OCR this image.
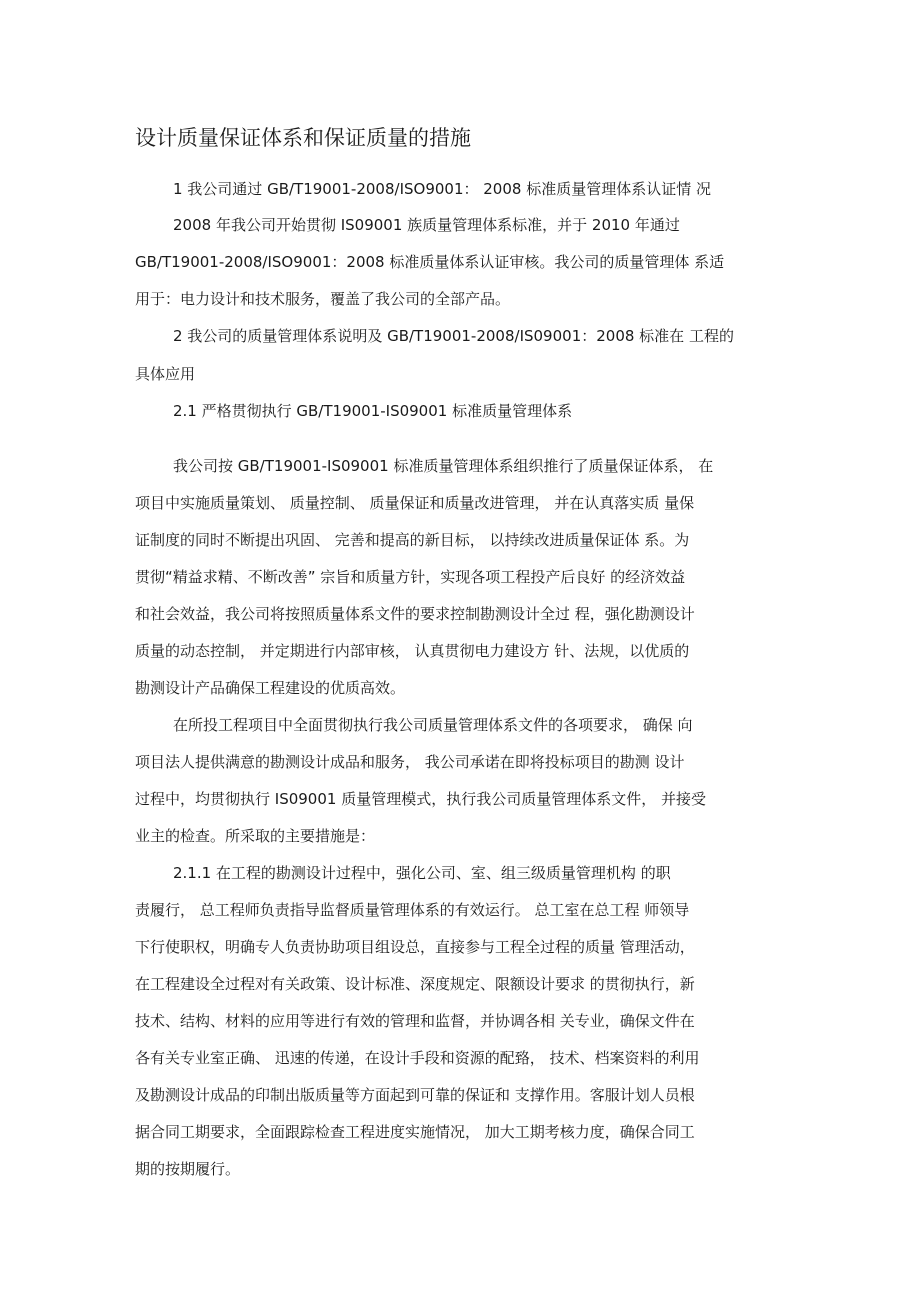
设计质量保证体系和保证质量的措施

1 我公司通过 GB/T19001-2008/ISO9001： 2008 标准质量管理体系认证情 况

2008 年我公司开始贯彻 IS09001 族质量管理体系标准，并于 2010 年通过

GB/T19001-2008/ISO9001：2008 标准质量体系认证审核。我公司的质量管理体 系适

用于：电力设计和技术服务，覆盖了我公司的全部产品。

2 我公司的质量管理体系说明及 GB/T19001-2008/IS09001：2008 标准在 工程的

具体应用

2.1 严格贯彻执行 GB/T19001-IS09001 标准质量管理体系

我公司按 GB/T19001-IS09001 标准质量管理体系组织推行了质量保证体系， 在

项目中实施质量策划、 质量控制、 质量保证和质量改进管理， 并在认真落实质 量保

证制度的同时不断提出巩固、 完善和提高的新目标， 以持续改进质量保证体 系。为

贯彻“精益求精、不断改善” 宗旨和质量方针，实现各项工程投产后良好 的经济效益

和社会效益，我公司将按照质量体系文件的要求控制勘测设计全过 程，强化勘测设计

质量的动态控制， 并定期进行内部审核， 认真贯彻电力建设方 针、法规，以优质的

勘测设计产品确保工程建设的优质高效。

在所投工程项目中全面贯彻执行我公司质量管理体系文件的各项要求， 确保 向

项目法人提供满意的勘测设计成品和服务， 我公司承诺在即将投标项目的勘测 设计

过程中，均贯彻执行 IS09001 质量管理模式，执行我公司质量管理体系文件， 并接受

业主的检查。所采取的主要措施是：

2.1.1 在工程的勘测设计过程中，强化公司、室、组三级质量管理机构 的职

责履行， 总工程师负责指导监督质量管理体系的有效运行。 总工室在总工程 师领导

下行使职权，明确专人负责协助项目组设总，直接参与工程全过程的质量 管理活动，

在工程建设全过程对有关政策、设计标准、深度规定、限额设计要求 的贯彻执行，新

技术、结构、材料的应用等进行有效的管理和监督，并协调各相 关专业，确保文件在

各有关专业室正确、 迅速的传递，在设计手段和资源的配臵， 技术、档案资料的利用

及勘测设计成品的印制出版质量等方面起到可靠的保证和 支撑作用。客服计划人员根

据合同工期要求，全面跟踪检查工程进度实施情况， 加大工期考核力度，确保合同工

期的按期履行。
